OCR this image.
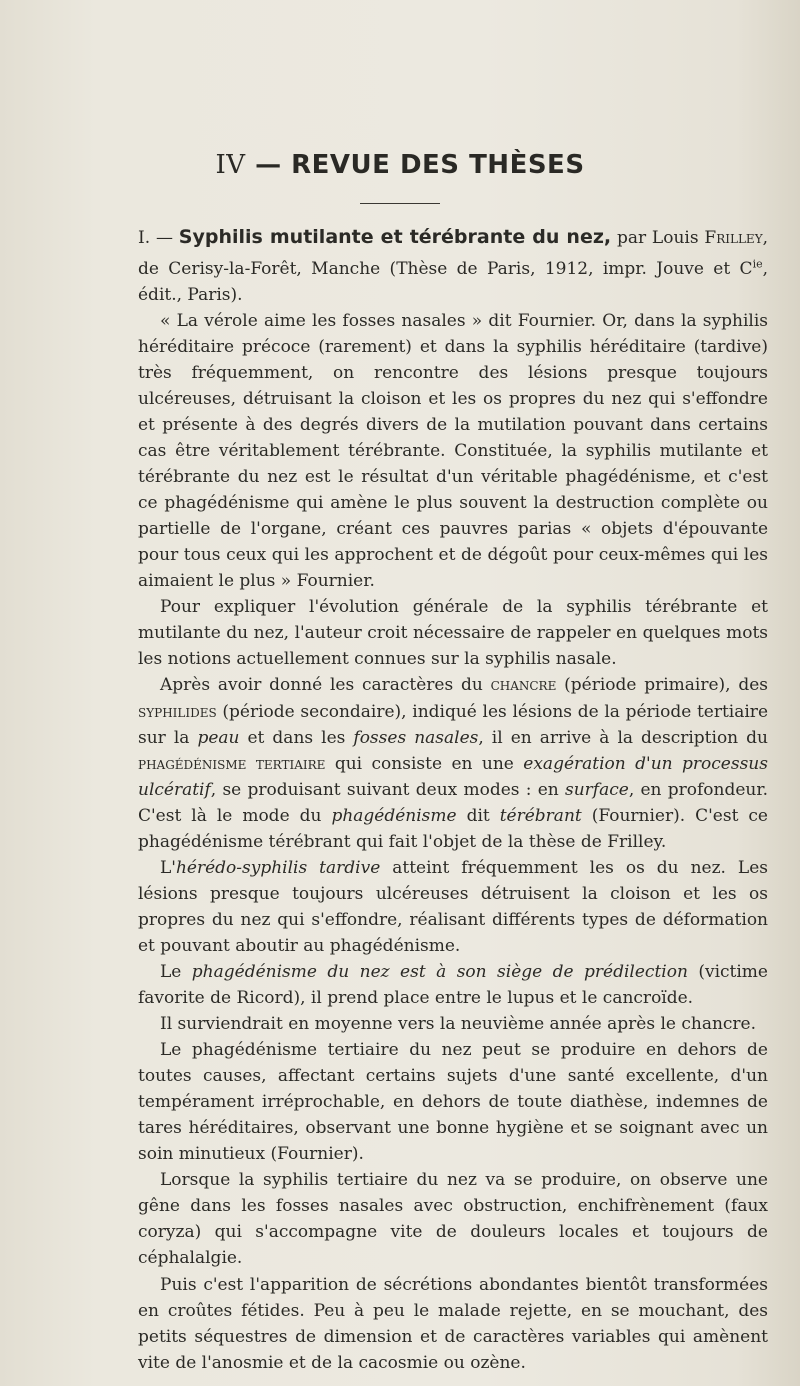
IV — REVUE DES THÈSES

I. — Syphilis mutilante et térébrante du nez, par Louis Frilley, de Cerisy-la-Forêt, Manche (Thèse de Paris, 1912, impr. Jouve et $C^{ie}$, édit., Paris).

« La vérole aime les fosses nasales » dit Fournier. Or, dans la syphilis héréditaire précoce (rarement) et dans la syphilis héréditaire (tardive) très fréquemment, on rencontre des lésions presque toujours ulcéreuses, détruisant la cloison et les os propres du nez qui s'effondre et présente à des degrés divers de la mutilation pouvant dans certains cas être véritablement térébrante. Constituée, la syphilis mutilante et térébrante du nez est le résultat d'un véritable phagédénisme, et c'est ce phagédénisme qui amène le plus souvent la destruction complète ou partielle de l'organe, créant ces pauvres parias « objets d'épouvante pour tous ceux qui les approchent et de dégoût pour ceux-mêmes qui les aimaient le plus » Fournier.

Pour expliquer l'évolution générale de la syphilis térébrante et mutilante du nez, l'auteur croit nécessaire de rappeler en quelques mots les notions actuellement connues sur la syphilis nasale.

Après avoir donné les caractères du chancre (période primaire), des syphilides (période secondaire), indiqué les lésions de la période tertiaire sur la peau et dans les fosses nasales, il en arrive à la description du phagédénisme tertiaire qui consiste en une exagération d'un processus ulcératif, se produisant suivant deux modes : en surface, en profondeur. C'est là le mode du phagédénisme dit térébrant (Fournier). C'est ce phagédénisme térébrant qui fait l'objet de la thèse de Frilley.

L'hérédo-syphilis tardive atteint fréquemment les os du nez. Les lésions presque toujours ulcéreuses détruisent la cloison et les os propres du nez qui s'effondre, réalisant différents types de déformation et pouvant aboutir au phagédénisme.

Le phagédénisme du nez est à son siège de prédilection (victime favorite de Ricord), il prend place entre le lupus et le cancroïde.

Il surviendrait en moyenne vers la neuvième année après le chancre.

Le phagédénisme tertiaire du nez peut se produire en dehors de toutes causes, affectant certains sujets d'une santé excellente, d'un tempérament irréprochable, en dehors de toute diathèse, indemnes de tares héréditaires, observant une bonne hygiène et se soignant avec un soin minutieux (Fournier).

Lorsque la syphilis tertiaire du nez va se produire, on observe une gêne dans les fosses nasales avec obstruction, enchifrènement (faux coryza) qui s'accompagne vite de douleurs locales et toujours de céphalalgie.

Puis c'est l'apparition de sécrétions abondantes bientôt transformées en croûtes fétides. Peu à peu le malade rejette, en se mouchant, des petits séquestres de dimension et de caractères variables qui amènent vite de l'anosmie et de la cacosmie ou ozène.
